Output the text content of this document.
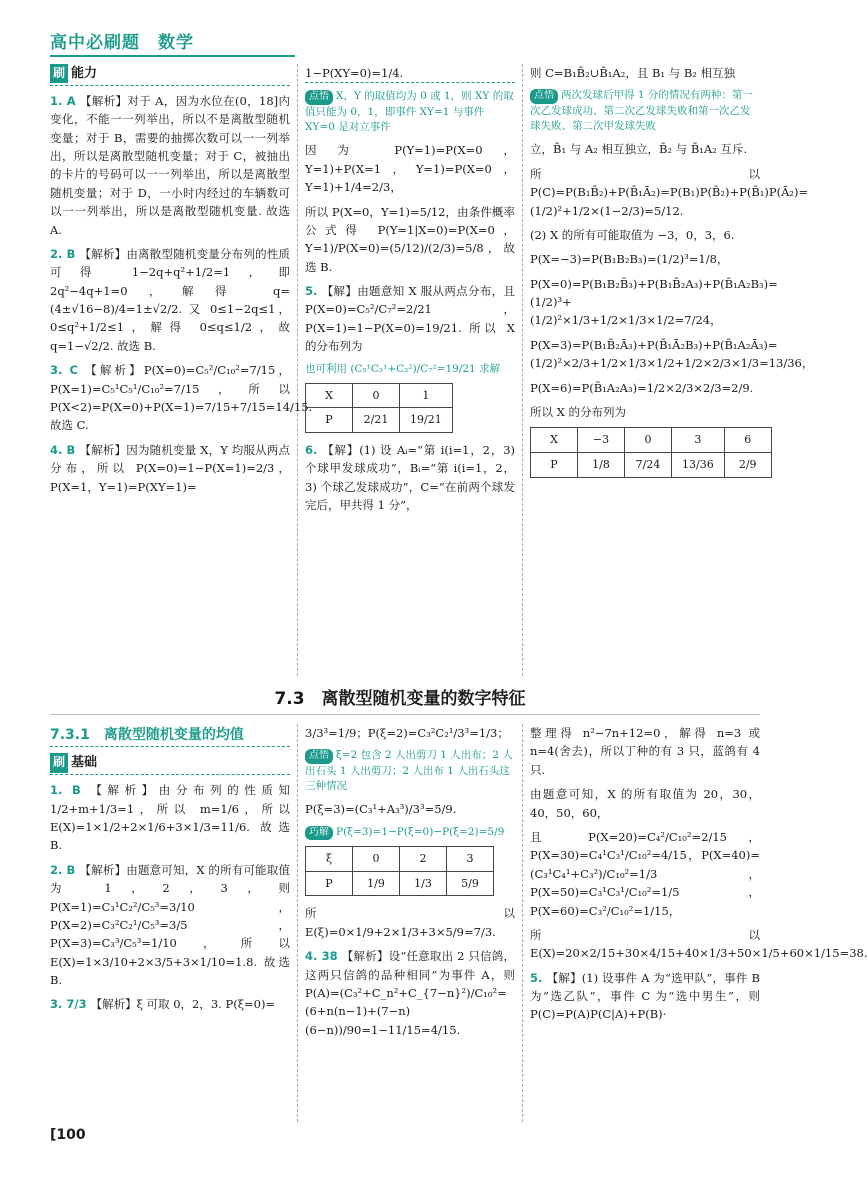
高中必刷题　数学
刷 能力
1. A 【解析】对于 A，因为水位在(0，18]内变化，不能一一列举出，所以不是离散型随机变量；对于 B，需要的抽掷次数可以一一列举出，所以是离散型随机变量；对于 C，被抽出的卡片的号码可以一一列举出，所以是离散型随机变量；对于 D，一小时内经过的车辆数可以一一列举出，所以是离散型随机变量. 故选 A.
2. B 【解析】由离散型随机变量分布列的性质可得 1−2q+q²+1/2=1，即 2q²−4q+1=0，解得 q=(4±√16−8)/4=1±√2/2. 又 0≤1−2q≤1，0≤q²+1/2≤1，解得 0≤q≤1/2，故 q=1−√2/2. 故选 B.
3. C 【解析】P(X=0)=C₅²/C₁₀²=7/15，P(X=1)=C₅¹C₅¹/C₁₀²=7/15，所以 P(X<2)=P(X=0)+P(X=1)=7/15+7/15=14/15. 故选 C.
4. B 【解析】因为随机变量 X，Y 均服从两点分布，所以 P(X=0)=1−P(X=1)=2/3，P(X=1，Y=1)=P(XY=1)=
1−P(XY=0)=1/4.
点悟 X，Y 的取值均为 0 或 1，则 XY 的取值只能为 0，1，即事件 XY=1 与事件 XY=0 是对立事件
因为 P(Y=1)=P(X=0，Y=1)+P(X=1，Y=1)=P(X=0，Y=1)+1/4=2/3，
所以 P(X=0，Y=1)=5/12，由条件概率公式得 P(Y=1|X=0)=P(X=0，Y=1)/P(X=0)=(5/12)/(2/3)=5/8，故选 B.
5. 【解】由题意知 X 服从两点分布，且 P(X=0)=C₅²/C₇²=2/21，P(X=1)=1−P(X=0)=19/21. 所以 X 的分布列为
也可利用 (C₅¹C₂¹+C₂²)/C₇²=19/21 求解
X	0	1
P	2/21	19/21
6. 【解】(1) 设 Aᵢ=“第 i(i=1，2，3) 个球甲发球成功”，Bᵢ=“第 i(i=1，2，3) 个球乙发球成功”，C=“在前两个球发完后，甲共得 1 分”，
则 C=B₁B̄₂∪B̄₁A₂，且 B₁ 与 B₂ 相互独
点悟 两次发球后甲得 1 分的情况有两种：第一次乙发球成功、第二次乙发球失败和第一次乙发球失败、第二次甲发球失败
立，B̄₁ 与 A₂ 相互独立，B̄₂ 与 B̄₁A₂ 互斥.
所以 P(C)=P(B₁B̄₂)+P(B̄₁Ā₂)=P(B₁)P(B̄₂)+P(B̄₁)P(Ā₂)=(1/2)²+1/2×(1−2/3)=5/12.
(2) X 的所有可能取值为 −3，0，3，6.
P(X=−3)=P(B₁B₂B₃)=(1/2)³=1/8，
P(X=0)=P(B₁B₂B̄₃)+P(B₁B̄₂A₃)+P(B̄₁A₂B₃)=(1/2)³+(1/2)²×1/3+1/2×1/3×1/2=7/24，
P(X=3)=P(B₁B̄₂Ā₃)+P(B̄₁Ā₂B₃)+P(B̄₁A₂Ā₃)=(1/2)²×2/3+1/2×1/3×1/2+1/2×2/3×1/3=13/36，
P(X=6)=P(B̄₁A₂A₃)=1/2×2/3×2/3=2/9.
所以 X 的分布列为
X	−3	0	3	6
P	1/8	7/24	13/36	2/9
7.3　离散型随机变量的数字特征
7.3.1　离散型随机变量的均值
刷 基础
1. B 【解析】由分布列的性质知 1/2+m+1/3=1，所以 m=1/6，所以 E(X)=1×1/2+2×1/6+3×1/3=11/6. 故选 B.
2. B 【解析】由题意可知，X 的所有可能取值为 1，2，3，则 P(X=1)=C₃¹C₂²/C₅³=3/10，P(X=2)=C₃²C₂¹/C₅³=3/5，P(X=3)=C₃³/C₅³=1/10，所以 E(X)=1×3/10+2×3/5+3×1/10=1.8. 故选 B.
3. 7/3 【解析】ξ 可取 0，2，3. P(ξ=0)=
3/3³=1/9；P(ξ=2)=C₃²C₂¹/3³=1/3；
点悟 ξ=2 包含 2 人出剪刀 1 人出布；2 人出石头 1 人出剪刀；2 人出布 1 人出石头这三种情况
P(ξ=3)=(C₃¹+A₃³)/3³=5/9.
巧解 P(ξ=3)=1−P(ξ=0)−P(ξ=2)=5/9
ξ	0	2	3
P	1/9	1/3	5/9
所以 E(ξ)=0×1/9+2×1/3+3×5/9=7/3.
4. 38 【解析】设“任意取出 2 只信鸽，这两只信鸽的品种相同”为事件 A，则 P(A)=(C₃²+C_n²+C_{7−n}²)/C₁₀²=(6+n(n−1)+(7−n)(6−n))/90=1−11/15=4/15.
整理得 n²−7n+12=0，解得 n=3 或 n=4(舍去)，所以丁种的有 3 只，蓝鸽有 4 只.
由题意可知，X 的所有取值为 20，30，40，50，60，
且 P(X=20)=C₄²/C₁₀²=2/15，P(X=30)=C₄¹C₃¹/C₁₀²=4/15，P(X=40)=(C₃¹C₄¹+C₃²)/C₁₀²=1/3，P(X=50)=C₃¹C₃¹/C₁₀²=1/5，P(X=60)=C₃²/C₁₀²=1/15，
所以 E(X)=20×2/15+30×4/15+40×1/3+50×1/5+60×1/15=38.
5. 【解】(1) 设事件 A 为“选甲队”，事件 B 为“选乙队”，事件 C 为“选中男生”，则 P(C)=P(A)P(C|A)+P(B)·
[ 100
